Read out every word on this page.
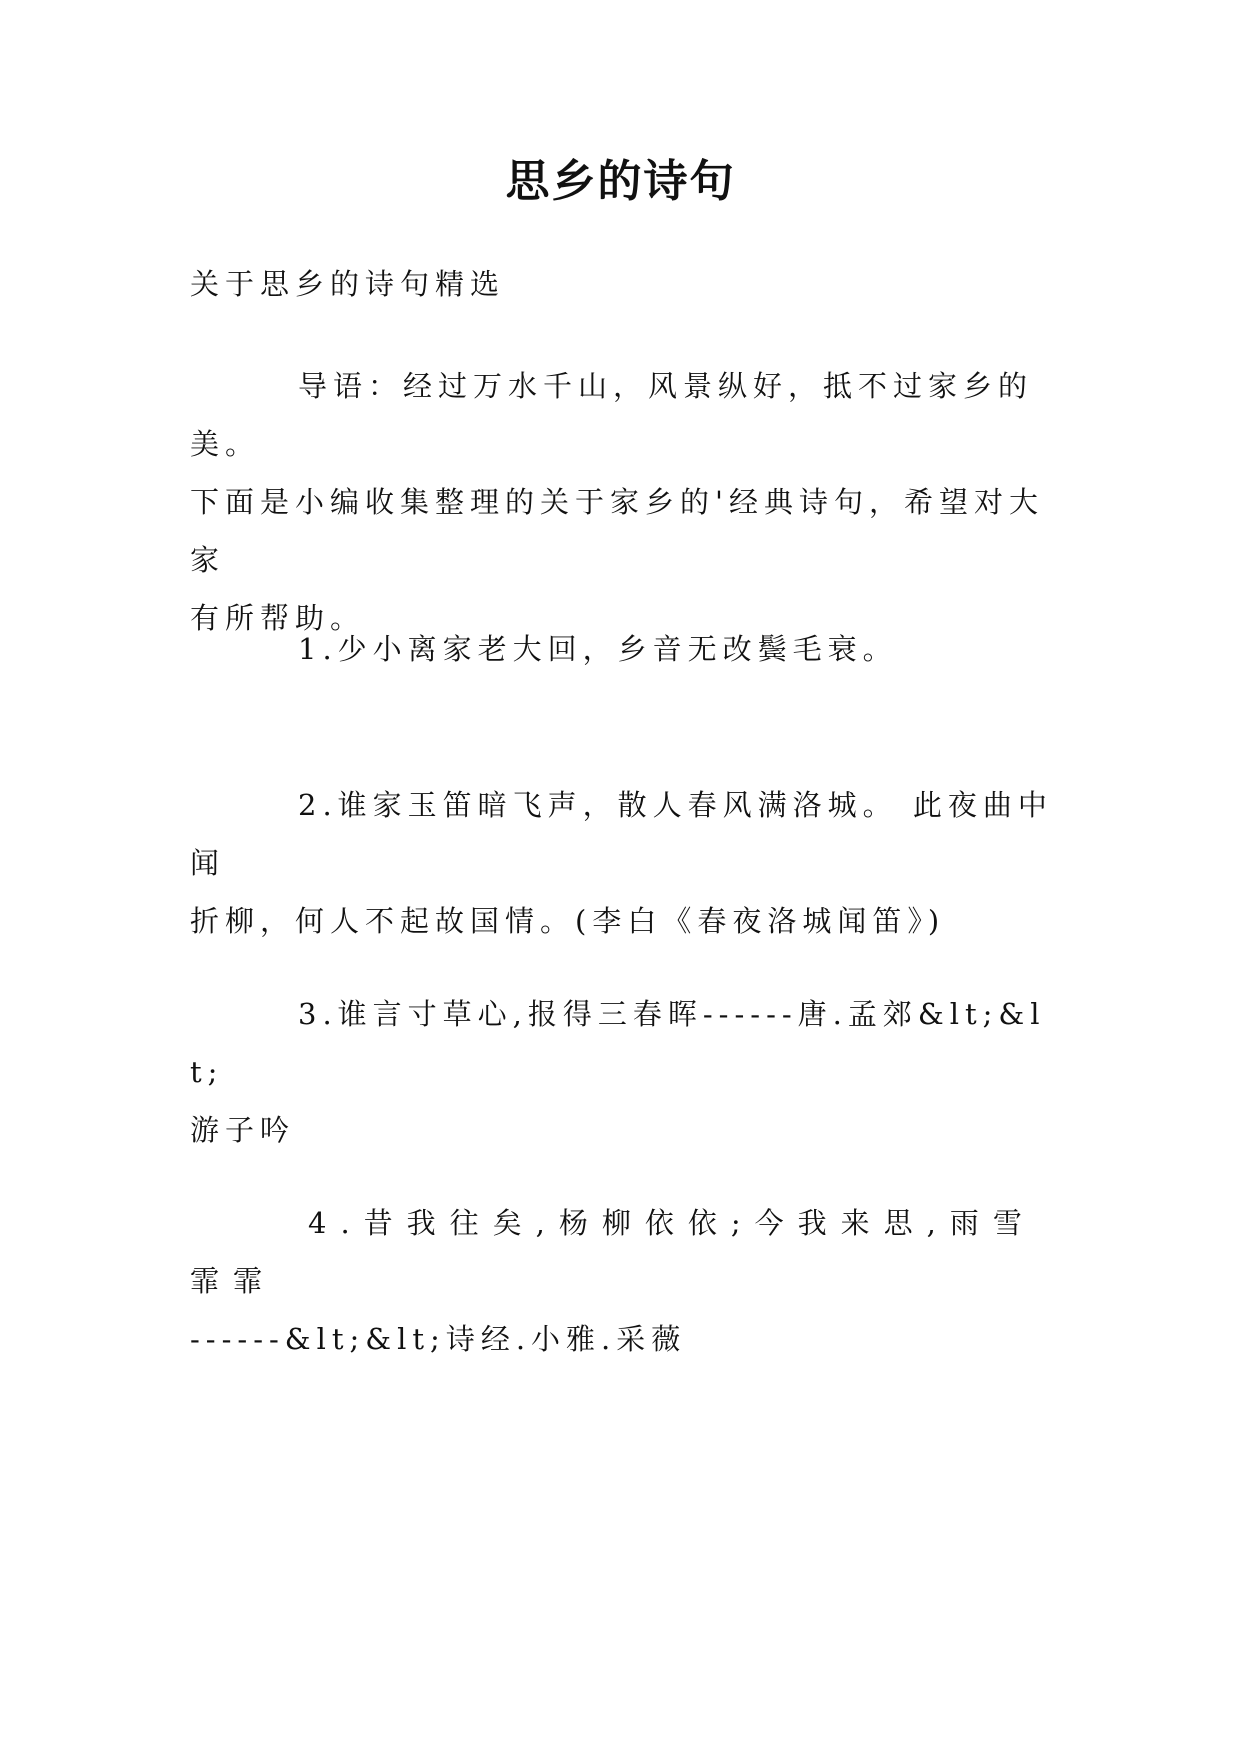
思乡的诗句
关于思乡的诗句精选
导语：经过万水千山，风景纵好，抵不过家乡的美。
下面是小编收集整理的关于家乡的'经典诗句，希望对大家
有所帮助。
1.少小离家老大回，乡音无改鬓毛衰。
2.谁家玉笛暗飞声，散人春风满洛城。 此夜曲中闻
折柳，何人不起故国情。(李白《春夜洛城闻笛》)
3.谁言寸草心,报得三春晖------唐.孟郊&lt;&lt;
游子吟
4.昔我往矣,杨柳依依;今我来思,雨雪霏霏
------&lt;&lt;诗经.小雅.采薇
